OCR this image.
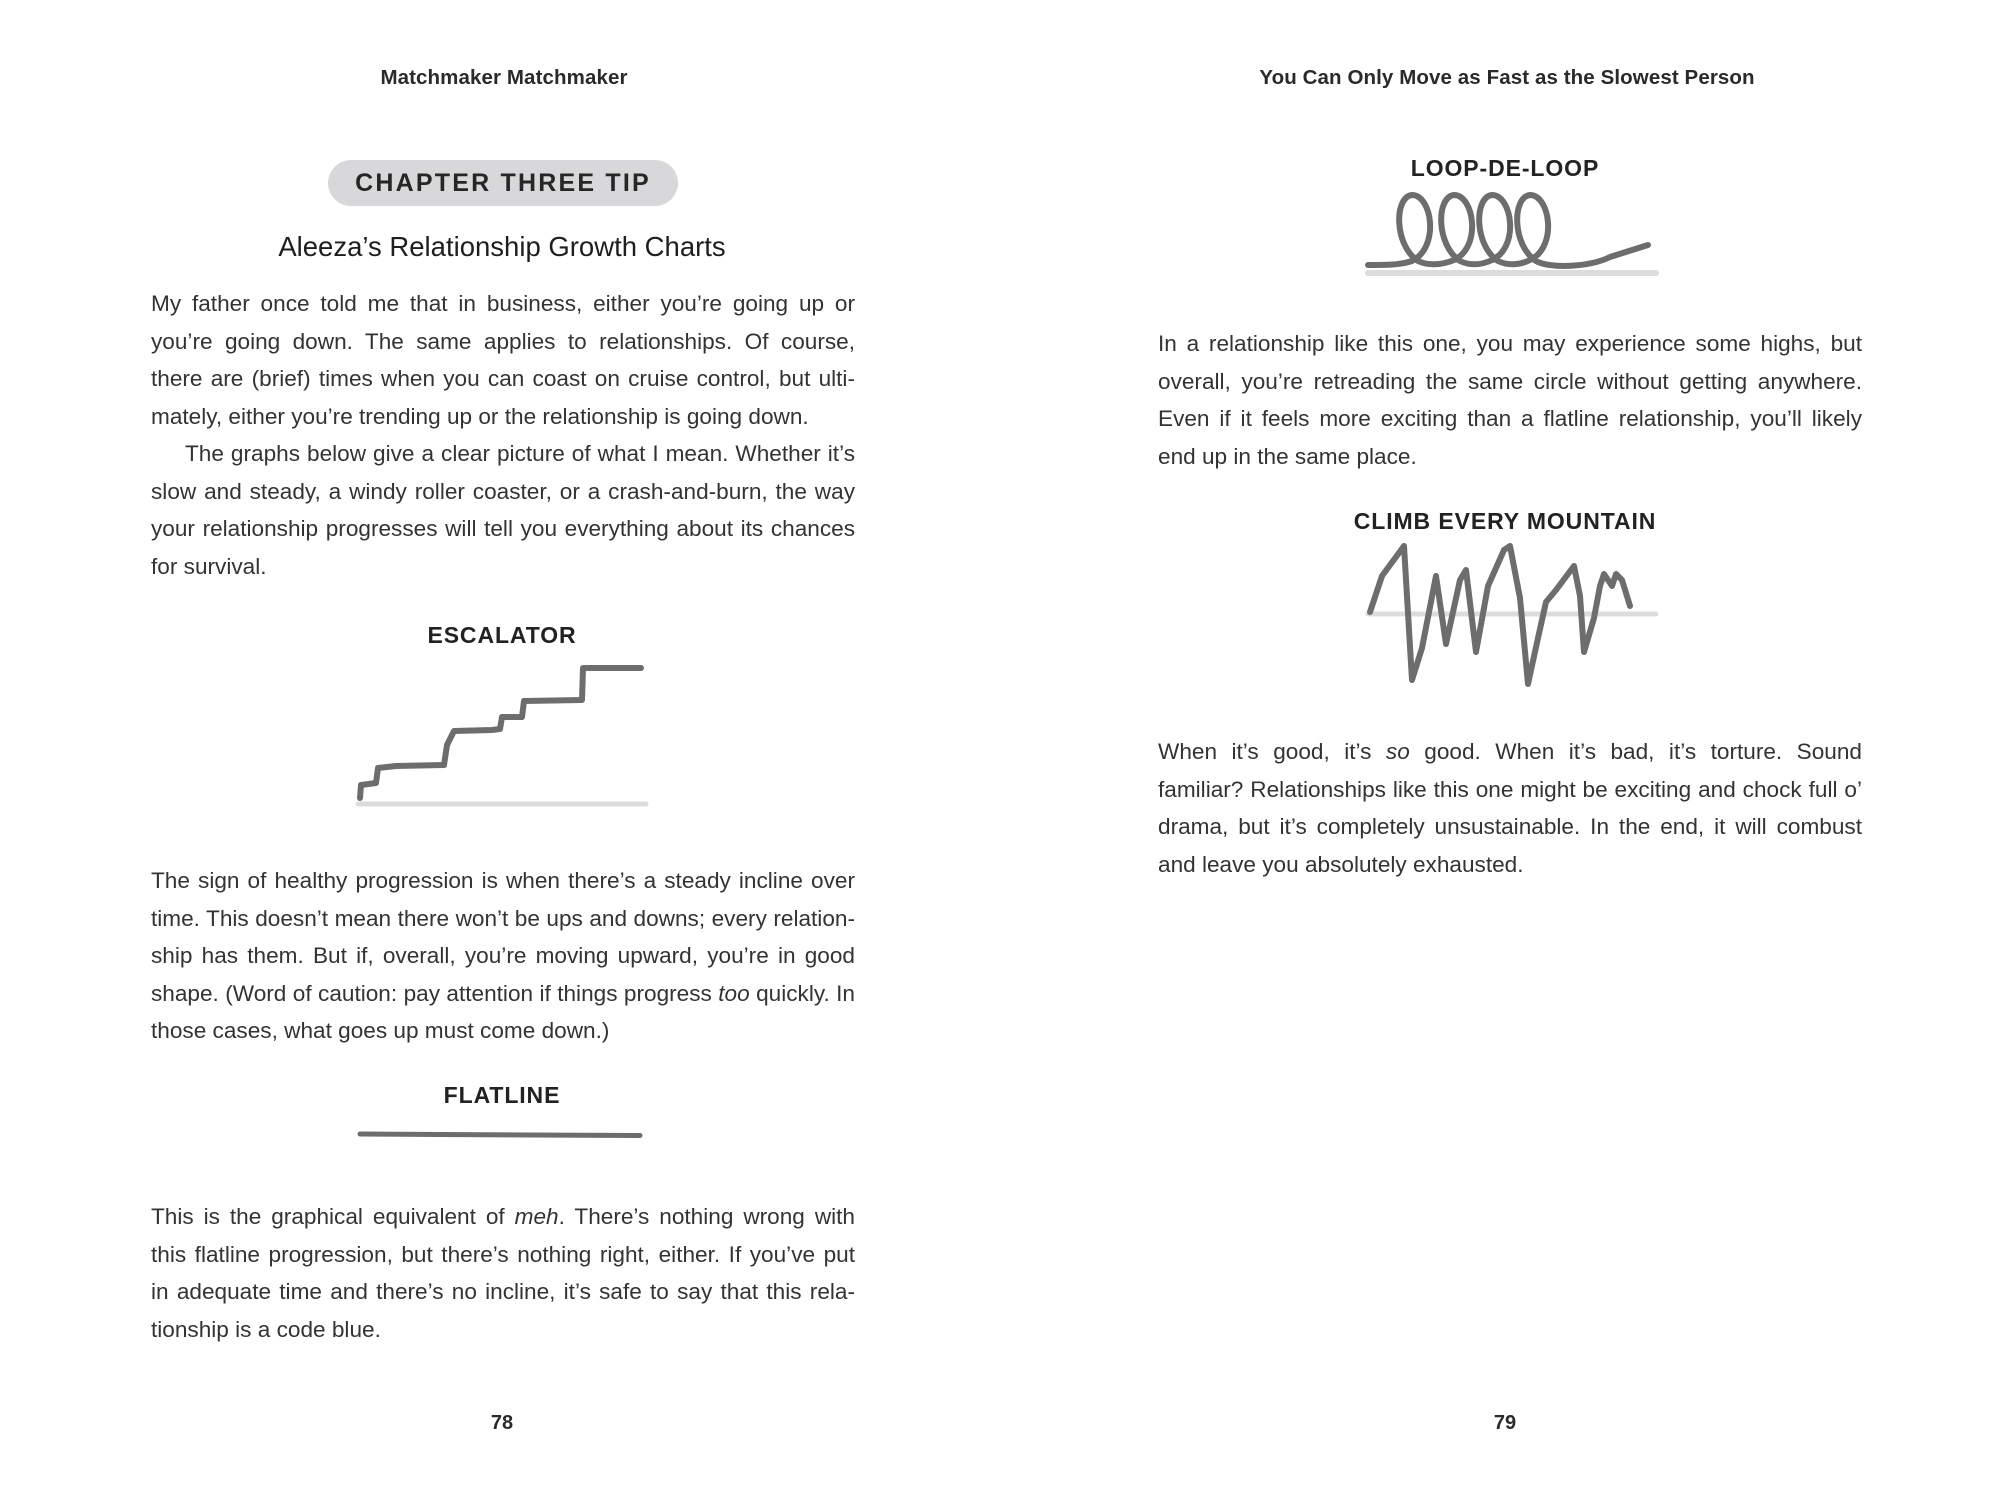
Matchmaker Matchmaker
CHAPTER THREE TIP
Aleeza’s Relationship Growth Charts

My father once told me that in business, either you’re going up or you’re going down. The same applies to relationships. Of course, there are (brief) times when you can coast on cruise control, but ultimately, either you’re trending up or the relationship is going down.

The graphs below give a clear picture of what I mean. Whether it’s slow and steady, a windy roller coaster, or a crash-and-burn, the way your relationship progresses will tell you everything about its chances for survival.

ESCALATOR

The sign of healthy progression is when there’s a steady incline over time. This doesn’t mean there won’t be ups and downs; every relationship has them. But if, overall, you’re moving upward, you’re in good shape. (Word of caution: pay attention if things progress too quickly. In those cases, what goes up must come down.)

FLATLINE

This is the graphical equivalent of meh. There’s nothing wrong with this flatline progression, but there’s nothing right, either. If you’ve put in adequate time and there’s no incline, it’s safe to say that this relationship is a code blue.

78
You Can Only Move as Fast as the Slowest Person
LOOP-DE-LOOP

In a relationship like this one, you may experience some highs, but overall, you’re retreading the same circle without getting anywhere. Even if it feels more exciting than a flatline relationship, you’ll likely end up in the same place.

CLIMB EVERY MOUNTAIN

When it’s good, it’s so good. When it’s bad, it’s torture. Sound familiar? Relationships like this one might be exciting and chock full o’ drama, but it’s completely unsustainable. In the end, it will combust and leave you absolutely exhausted.

79
